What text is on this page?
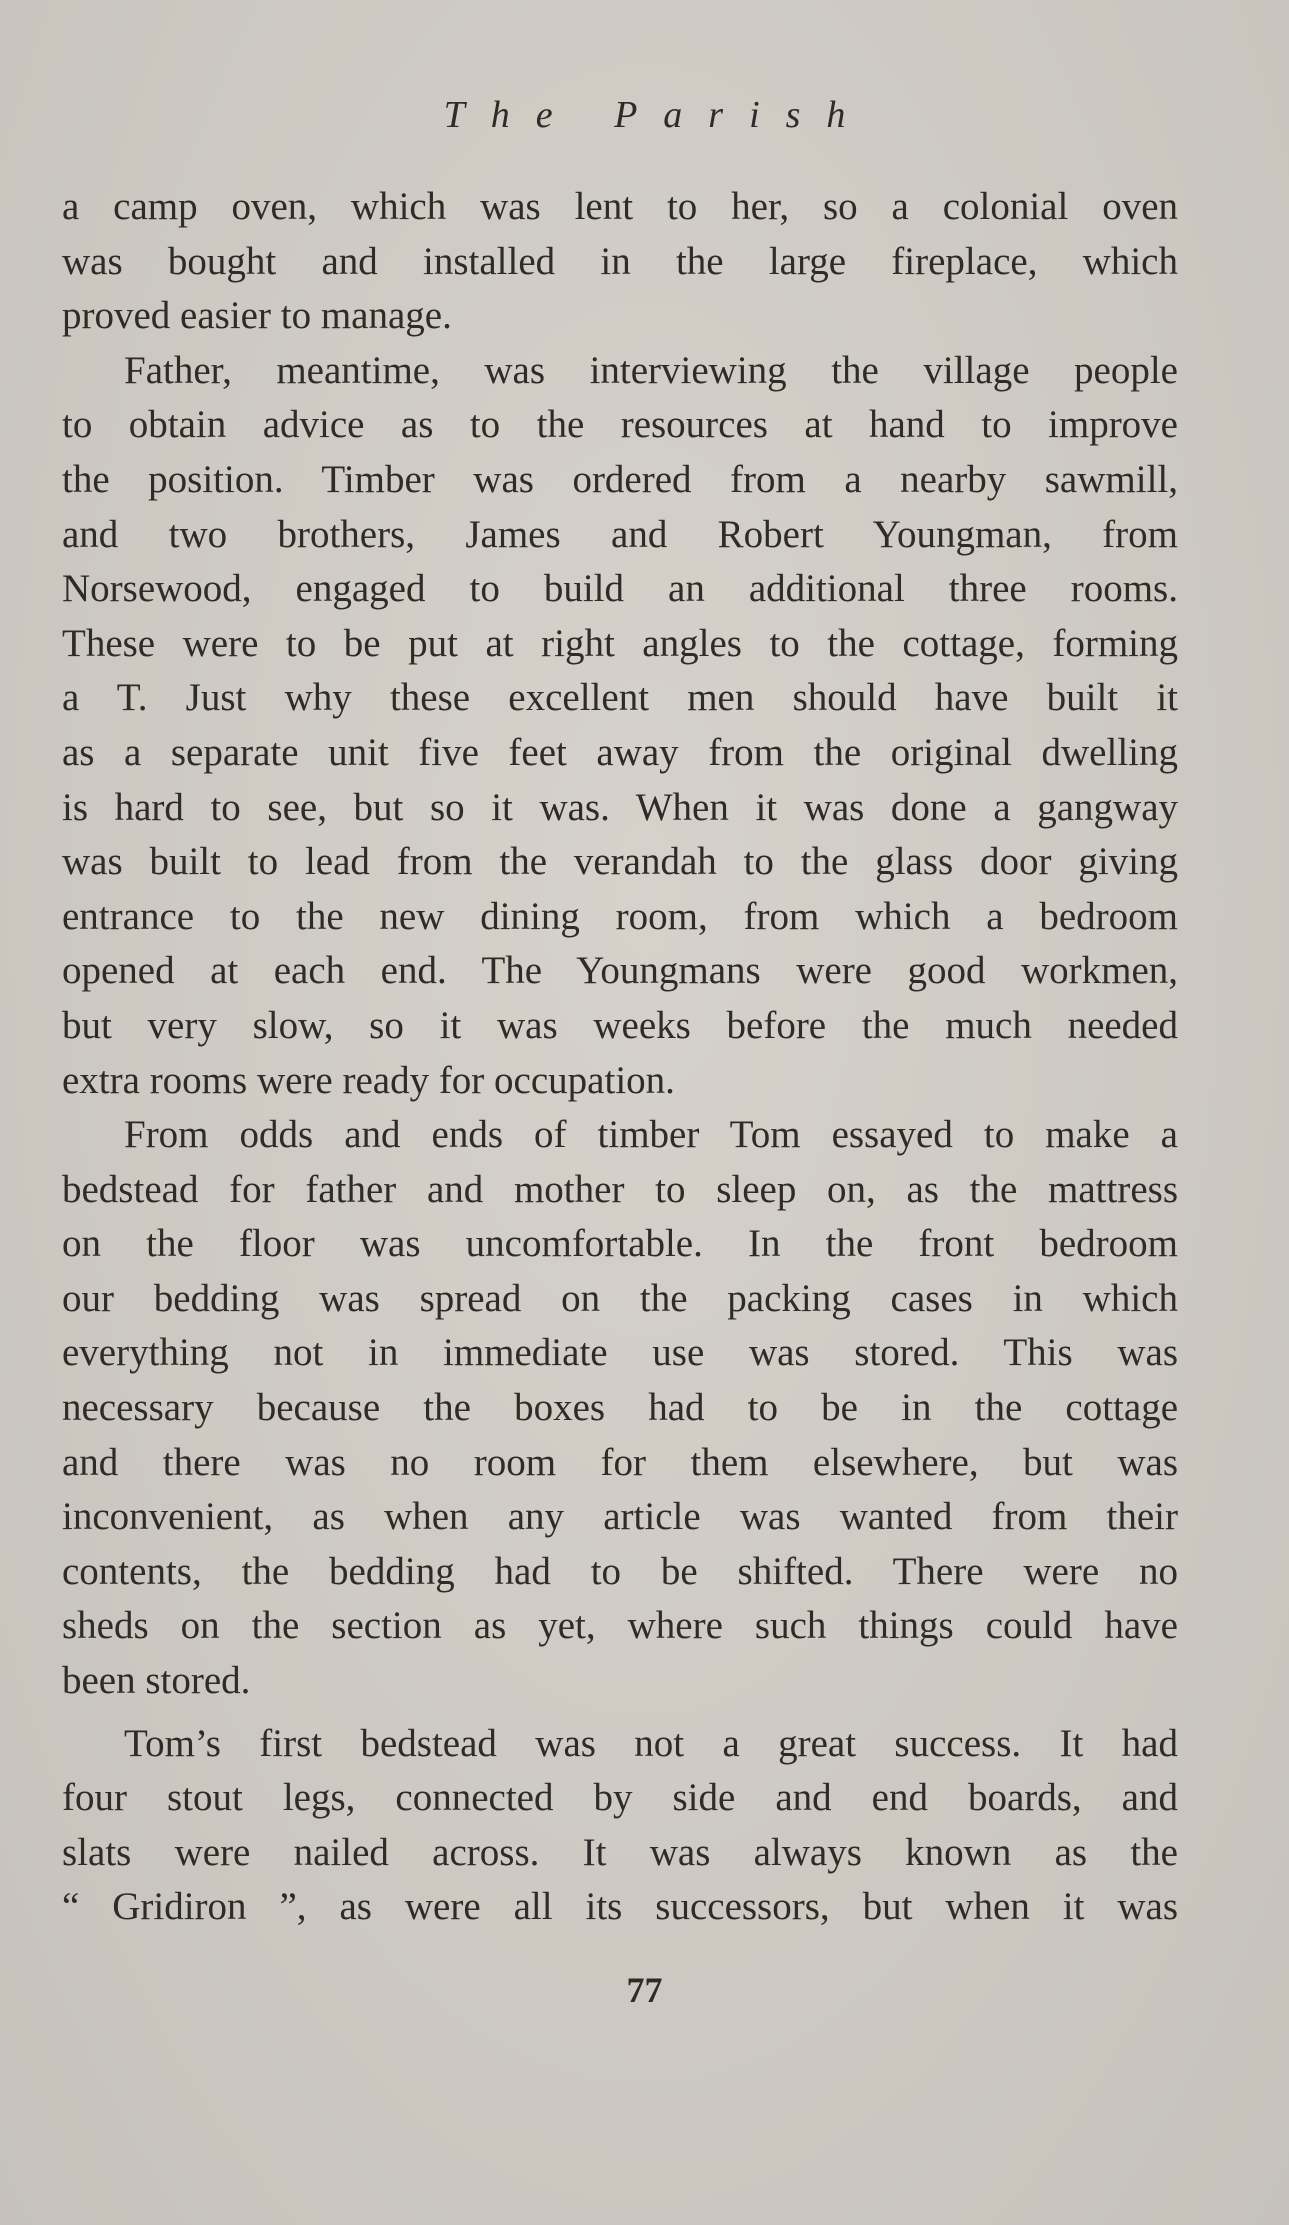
The Parish

a camp oven, which was lent to her, so a colonial oven
was bought and installed in the large fireplace, which
proved easier to manage.

Father, meantime, was interviewing the village people
to obtain advice as to the resources at hand to improve
the position. Timber was ordered from a nearby sawmill,
and two brothers, James and Robert Youngman, from
Norsewood, engaged to build an additional three rooms.
These were to be put at right angles to the cottage, forming
a T. Just why these excellent men should have built it
as a separate unit five feet away from the original dwelling
is hard to see, but so it was. When it was done a gangway
was built to lead from the verandah to the glass door giving
entrance to the new dining room, from which a bedroom
opened at each end. The Youngmans were good workmen,
but very slow, so it was weeks before the much needed
extra rooms were ready for occupation.

From odds and ends of timber Tom essayed to make a
bedstead for father and mother to sleep on, as the mattress
on the floor was uncomfortable. In the front bedroom
our bedding was spread on the packing cases in which
everything not in immediate use was stored. This was
necessary because the boxes had to be in the cottage
and there was no room for them elsewhere, but was
inconvenient, as when any article was wanted from their
contents, the bedding had to be shifted. There were no
sheds on the section as yet, where such things could have
been stored.

Tom’s first bedstead was not a great success. It had
four stout legs, connected by side and end boards, and
slats were nailed across. It was always known as the
“ Gridiron ”, as were all its successors, but when it was

77
